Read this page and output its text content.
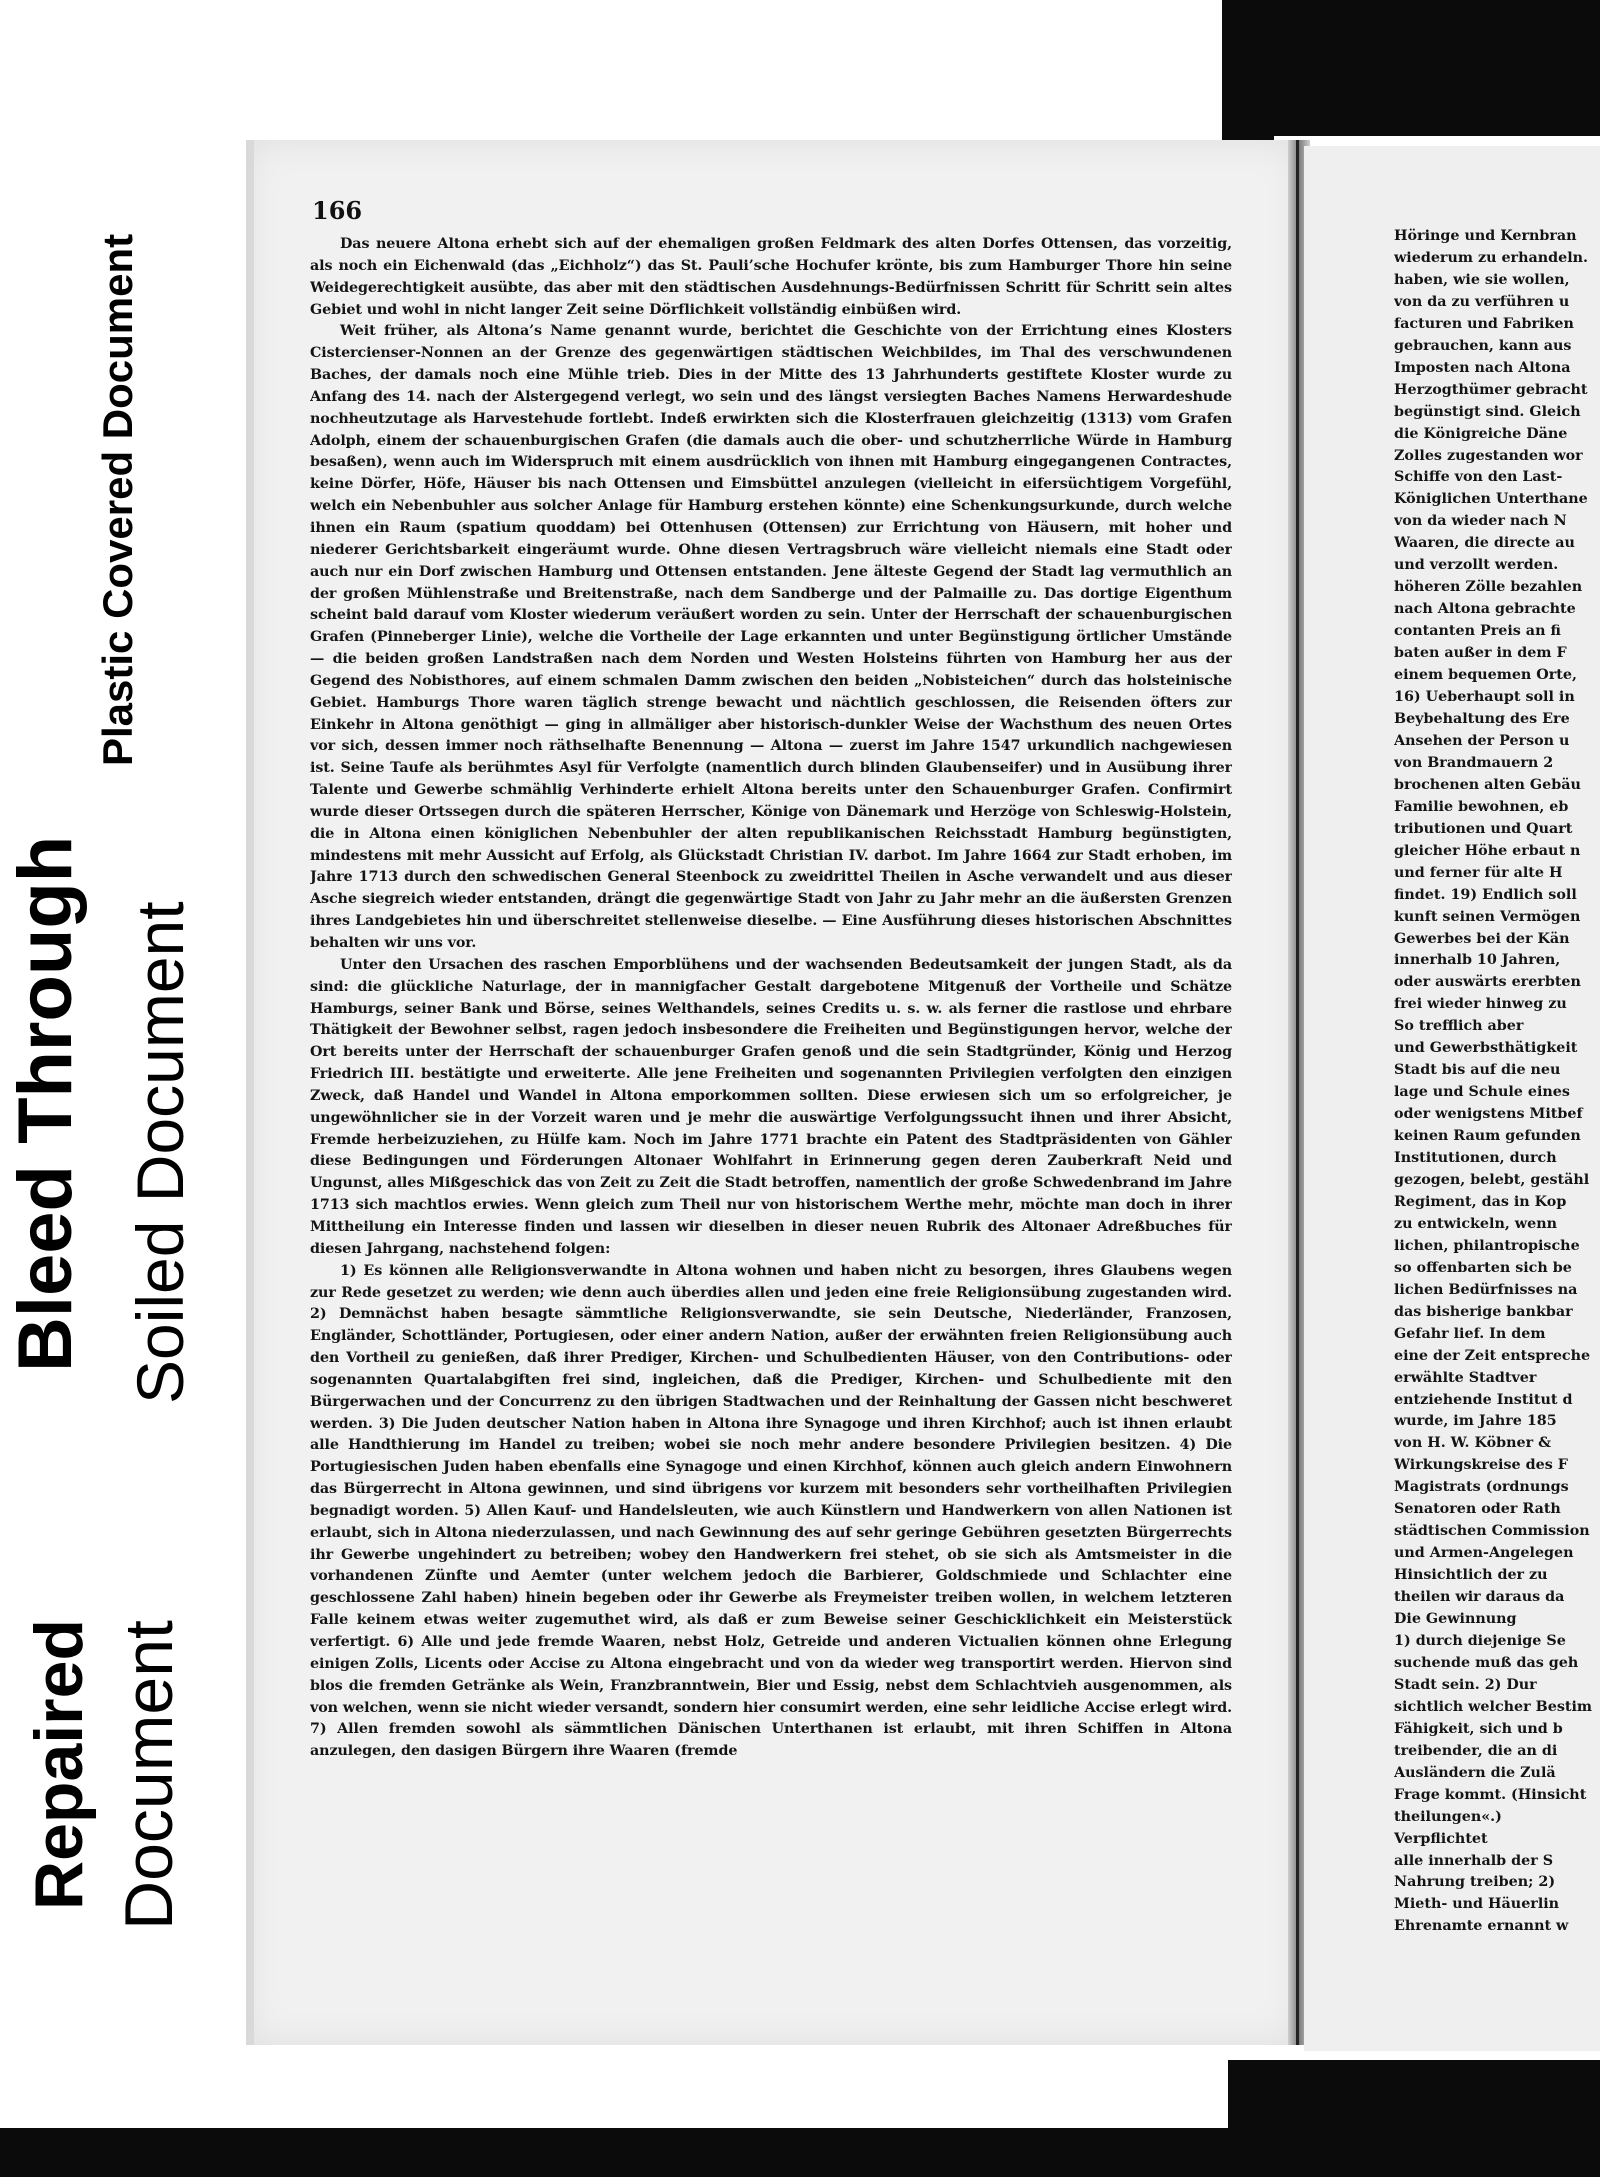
Plastic Covered Document
Bleed Through Soiled Document
Repaired Document
166

Das neuere Altona erhebt sich auf der ehemaligen großen Feldmark des alten Dorfes Ottensen, das vorzeitig, als noch ein Eichenwald (das „Eichholz“) das St. Pauli’sche Hochufer krönte, bis zum Hamburger Thore hin seine Weidegerechtigkeit ausübte, das aber mit den städtischen Ausdehnungs-Bedürfnissen Schritt für Schritt sein altes Gebiet und wohl in nicht langer Zeit seine Dörflichkeit vollständig einbüßen wird.

Weit früher, als Altona’s Name genannt wurde, berichtet die Geschichte von der Errichtung eines Klosters Cistercienser-Nonnen an der Grenze des gegenwärtigen städtischen Weichbildes, im Thal des verschwundenen Baches, der damals noch eine Mühle trieb. Dies in der Mitte des 13 Jahrhunderts gestiftete Kloster wurde zu Anfang des 14. nach der Alstergegend verlegt, wo sein und des längst versiegten Baches Namens Herwardeshude nochheutzutage als Harvestehude fortlebt. Indeß erwirkten sich die Klosterfrauen gleichzeitig (1313) vom Grafen Adolph, einem der schauenburgischen Grafen (die damals auch die ober- und schutzherrliche Würde in Hamburg besaßen), wenn auch im Widerspruch mit einem ausdrücklich von ihnen mit Hamburg eingegangenen Contractes, keine Dörfer, Höfe, Häuser bis nach Ottensen und Eimsbüttel anzulegen (vielleicht in eifersüchtigem Vorgefühl, welch ein Nebenbuhler aus solcher Anlage für Hamburg erstehen könnte) eine Schenkungsurkunde, durch welche ihnen ein Raum (spatium quoddam) bei Ottenhusen (Ottensen) zur Errichtung von Häusern, mit hoher und niederer Gerichtsbarkeit eingeräumt wurde. Ohne diesen Vertragsbruch wäre vielleicht niemals eine Stadt oder auch nur ein Dorf zwischen Hamburg und Ottensen entstanden. Jene älteste Gegend der Stadt lag vermuthlich an der großen Mühlenstraße und Breitenstraße, nach dem Sandberge und der Palmaille zu. Das dortige Eigenthum scheint bald darauf vom Kloster wiederum veräußert worden zu sein. Unter der Herrschaft der schauenburgischen Grafen (Pinneberger Linie), welche die Vortheile der Lage erkannten und unter Begünstigung örtlicher Umstände — die beiden großen Landstraßen nach dem Norden und Westen Holsteins führten von Hamburg her aus der Gegend des Nobisthores, auf einem schmalen Damm zwischen den beiden „Nobisteichen“ durch das holsteinische Gebiet. Hamburgs Thore waren täglich strenge bewacht und nächtlich geschlossen, die Reisenden öfters zur Einkehr in Altona genöthigt — ging in allmäliger aber historisch-dunkler Weise der Wachsthum des neuen Ortes vor sich, dessen immer noch räthselhafte Benennung — Altona — zuerst im Jahre 1547 urkundlich nachgewiesen ist. Seine Taufe als berühmtes Asyl für Verfolgte (namentlich durch blinden Glaubenseifer) und in Ausübung ihrer Talente und Gewerbe schmählig Verhinderte erhielt Altona bereits unter den Schauenburger Grafen. Confirmirt wurde dieser Ortssegen durch die späteren Herrscher, Könige von Dänemark und Herzöge von Schleswig-Holstein, die in Altona einen königlichen Nebenbuhler der alten republikanischen Reichsstadt Hamburg begünstigten, mindestens mit mehr Aussicht auf Erfolg, als Glückstadt Christian IV. darbot. Im Jahre 1664 zur Stadt erhoben, im Jahre 1713 durch den schwedischen General Steenbock zu zweidrittel Theilen in Asche verwandelt und aus dieser Asche siegreich wieder entstanden, drängt die gegenwärtige Stadt von Jahr zu Jahr mehr an die äußersten Grenzen ihres Landgebietes hin und überschreitet stellenweise dieselbe. — Eine Ausführung dieses historischen Abschnittes behalten wir uns vor.

Unter den Ursachen des raschen Emporblühens und der wachsenden Bedeutsamkeit der jungen Stadt, als da sind: die glückliche Naturlage, der in mannigfacher Gestalt dargebotene Mitgenuß der Vortheile und Schätze Hamburgs, seiner Bank und Börse, seines Welthandels, seines Credits u. s. w. als ferner die rastlose und ehrbare Thätigkeit der Bewohner selbst, ragen jedoch insbesondere die Freiheiten und Begünstigungen hervor, welche der Ort bereits unter der Herrschaft der schauenburger Grafen genoß und die sein Stadtgründer, König und Herzog Friedrich III. bestätigte und erweiterte. Alle jene Freiheiten und sogenannten Privilegien verfolgten den einzigen Zweck, daß Handel und Wandel in Altona emporkommen sollten. Diese erwiesen sich um so erfolgreicher, je ungewöhnlicher sie in der Vorzeit waren und je mehr die auswärtige Verfolgungssucht ihnen und ihrer Absicht, Fremde herbeizuziehen, zu Hülfe kam. Noch im Jahre 1771 brachte ein Patent des Stadtpräsidenten von Gähler diese Bedingungen und Förderungen Altonaer Wohlfahrt in Erinnerung gegen deren Zauberkraft Neid und Ungunst, alles Mißgeschick das von Zeit zu Zeit die Stadt betroffen, namentlich der große Schwedenbrand im Jahre 1713 sich machtlos erwies. Wenn gleich zum Theil nur von historischem Werthe mehr, möchte man doch in ihrer Mittheilung ein Interesse finden und lassen wir dieselben in dieser neuen Rubrik des Altonaer Adreßbuches für diesen Jahrgang, nachstehend folgen:

1) Es können alle Religionsverwandte in Altona wohnen und haben nicht zu besorgen, ihres Glaubens wegen zur Rede gesetzet zu werden; wie denn auch überdies allen und jeden eine freie Religionsübung zugestanden wird. 2) Demnächst haben besagte sämmtliche Religionsverwandte, sie sein Deutsche, Niederländer, Franzosen, Engländer, Schottländer, Portugiesen, oder einer andern Nation, außer der erwähnten freien Religionsübung auch den Vortheil zu genießen, daß ihrer Prediger, Kirchen- und Schulbedienten Häuser, von den Contributions- oder sogenannten Quartalabgiften frei sind, ingleichen, daß die Prediger, Kirchen- und Schulbediente mit den Bürgerwachen und der Concurrenz zu den übrigen Stadtwachen und der Reinhaltung der Gassen nicht beschweret werden. 3) Die Juden deutscher Nation haben in Altona ihre Synagoge und ihren Kirchhof; auch ist ihnen erlaubt alle Handthierung im Handel zu treiben; wobei sie noch mehr andere besondere Privilegien besitzen. 4) Die Portugiesischen Juden haben ebenfalls eine Synagoge und einen Kirchhof, können auch gleich andern Einwohnern das Bürgerrecht in Altona gewinnen, und sind übrigens vor kurzem mit besonders sehr vortheilhaften Privilegien begnadigt worden. 5) Allen Kauf- und Handelsleuten, wie auch Künstlern und Handwerkern von allen Nationen ist erlaubt, sich in Altona niederzulassen, und nach Gewinnung des auf sehr geringe Gebühren gesetzten Bürgerrechts ihr Gewerbe ungehindert zu betreiben; wobey den Handwerkern frei stehet, ob sie sich als Amtsmeister in die vorhandenen Zünfte und Aemter (unter welchem jedoch die Barbierer, Goldschmiede und Schlachter eine geschlossene Zahl haben) hinein begeben oder ihr Gewerbe als Freymeister treiben wollen, in welchem letzteren Falle keinem etwas weiter zugemuthet wird, als daß er zum Beweise seiner Geschicklichkeit ein Meisterstück verfertigt. 6) Alle und jede fremde Waaren, nebst Holz, Getreide und anderen Victualien können ohne Erlegung einigen Zolls, Licents oder Accise zu Altona eingebracht und von da wieder weg transportirt werden. Hiervon sind blos die fremden Getränke als Wein, Franzbranntwein, Bier und Essig, nebst dem Schlachtvieh ausgenommen, als von welchen, wenn sie nicht wieder versandt, sondern hier consumirt werden, eine sehr leidliche Accise erlegt wird. 7) Allen fremden sowohl als sämmtlichen Dänischen Unterthanen ist erlaubt, mit ihren Schiffen in Altona anzulegen, den dasigen Bürgern ihre Waaren (fremde

Höringe und Kernbran
wiederum zu erhandeln.
haben, wie sie wollen,
von da zu verführen u
facturen und Fabriken
gebrauchen, kann aus
Imposten nach Altona
Herzogthümer gebracht
begünstigt sind. Gleich
die Königreiche Däne
Zolles zugestanden wor
Schiffe von den Last-
Königlichen Unterthane
von da wieder nach N
Waaren, die directe au
und verzollt werden.
höheren Zölle bezahlen
nach Altona gebrachte
contanten Preis an fi
baten außer in dem F
einem bequemen Orte,
16) Ueberhaupt soll in
Beybehaltung des Ere
Ansehen der Person u
von Brandmauern 2
brochenen alten Gebäu
Familie bewohnen, eb
tributionen und Quart
gleicher Höhe erbaut n
und ferner für alte H
findet. 19) Endlich soll
kunft seinen Vermögen
Gewerbes bei der Kän
innerhalb 10 Jahren,
oder auswärts ererbten
frei wieder hinweg zu
So trefflich aber
und Gewerbsthätigkeit
Stadt bis auf die neu
lage und Schule eines
oder wenigstens Mitbef
keinen Raum gefunden
Institutionen, durch
gezogen, belebt, gestähl
Regiment, das in Kop
zu entwickeln, wenn
lichen, philantropische
so offenbarten sich be
lichen Bedürfnisses na
das bisherige bankbar
Gefahr lief. In dem
eine der Zeit entspreche
erwählte Stadtver
entziehende Institut d
wurde, im Jahre 185
von H. W. Köbner &
Wirkungskreise des F
Magistrats (ordnungs
Senatoren oder Rath
städtischen Commission
und Armen-Angelegen
Hinsichtlich der zu
theilen wir daraus da
Die Gewinnung
1) durch diejenige Se
suchende muß das geh
Stadt sein. 2) Dur
sichtlich welcher Bestim
Fähigkeit, sich und b
treibender, die an di
Ausländern die Zulä
Frage kommt. (Hinsicht
theilungen«.)
Verpflichtet
alle innerhalb der S
Nahrung treiben; 2)
Mieth- und Häuerlin
Ehrenamte ernannt w
